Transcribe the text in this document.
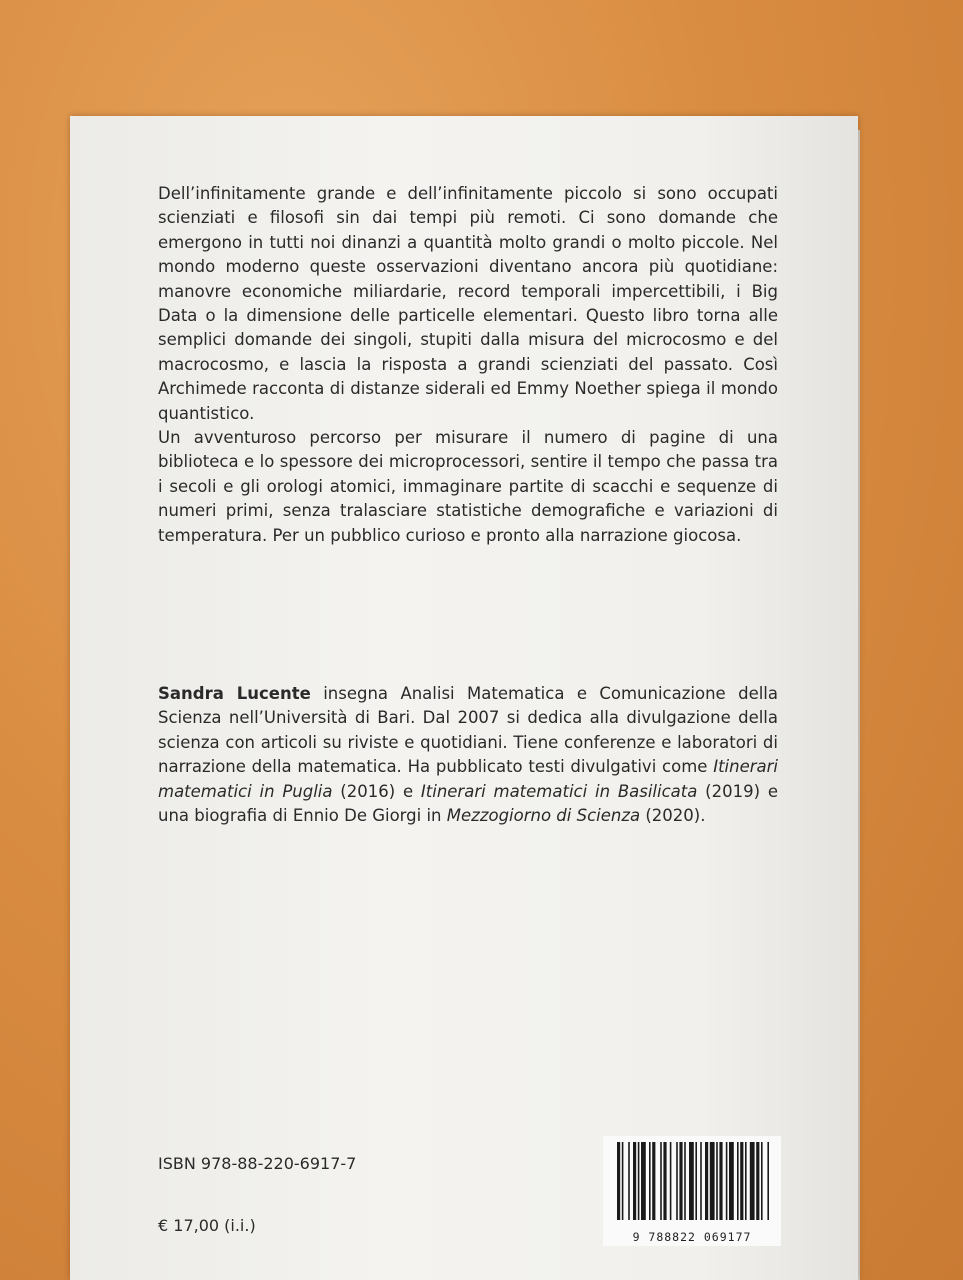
Dell’infinitamente grande e dell’infinitamente piccolo si sono occupati scienziati e filosofi sin dai tempi più remoti. Ci sono domande che emergono in tutti noi dinanzi a quantità molto grandi o molto piccole. Nel mondo moderno queste osservazioni diventano ancora più quotidiane: manovre economiche miliardarie, record temporali impercettibili, i Big Data o la dimensione delle particelle elementari. Questo libro torna alle semplici domande dei singoli, stupiti dalla misura del microcosmo e del macrocosmo, e lascia la risposta a grandi scienziati del passato. Così Archimede racconta di distanze siderali ed Emmy Noether spiega il mondo quantistico.

Un avventuroso percorso per misurare il numero di pagine di una biblioteca e lo spessore dei microprocessori, sentire il tempo che passa tra i secoli e gli orologi atomici, immaginare partite di scacchi e sequenze di numeri primi, senza tralasciare statistiche demografiche e variazioni di temperatura. Per un pubblico curioso e pronto alla narrazione giocosa.

Sandra Lucente insegna Analisi Matematica e Comunicazione della Scienza nell’Università di Bari. Dal 2007 si dedica alla divulgazione della scienza con articoli su riviste e quotidiani. Tiene conferenze e laboratori di narrazione della matematica. Ha pubblicato testi divulgativi come Itinerari matematici in Puglia (2016) e Itinerari matematici in Basilicata (2019) e una biografia di Ennio De Giorgi in Mezzogiorno di Scienza (2020).
ISBN 978-88-220-6917-7
€ 17,00 (i.i.)
9 788822 069177
